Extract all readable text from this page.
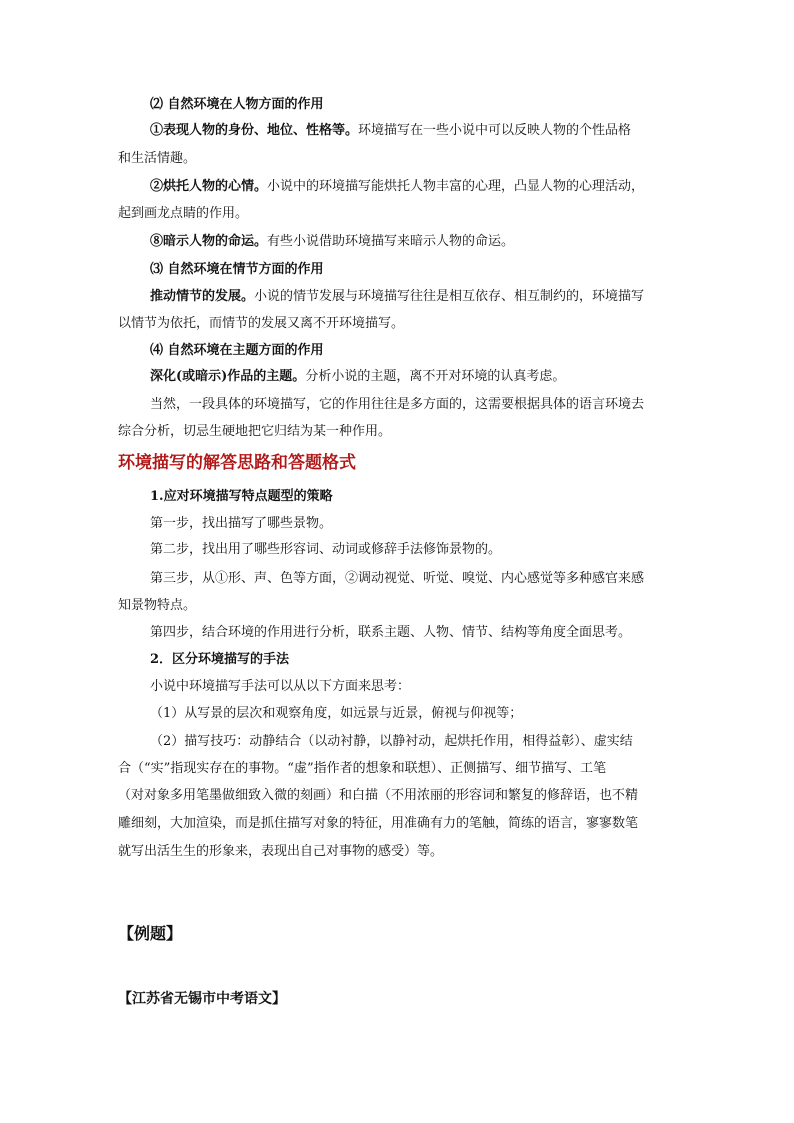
⑵ 自然环境在人物方面的作用
①表现人物的身份、地位、性格等。环境描写在一些小说中可以反映人物的个性品格
和生活情趣。
②烘托人物的心情。小说中的环境描写能烘托人物丰富的心理，凸显人物的心理活动，
起到画龙点睛的作用。
⑧暗示人物的命运。有些小说借助环境描写来暗示人物的命运。
⑶ 自然环境在情节方面的作用
推动情节的发展。小说的情节发展与环境描写往往是相互依存、相互制约的，环境描写
以情节为依托，而情节的发展又离不开环境描写。
⑷ 自然环境在主题方面的作用
深化(或暗示)作品的主题。分析小说的主题，离不开对环境的认真考虑。
当然，一段具体的环境描写，它的作用往往是多方面的，这需要根据具体的语言环境去
综合分析，切忌生硬地把它归结为某一种作用。
环境描写的解答思路和答题格式
1.应对环境描写特点题型的策略
第一步，找出描写了哪些景物。
第二步，找出用了哪些形容词、动词或修辞手法修饰景物的。
第三步，从①形、声、色等方面，②调动视觉、听觉、嗅觉、内心感觉等多种感官来感
知景物特点。
第四步，结合环境的作用进行分析，联系主题、人物、情节、结构等角度全面思考。
2．区分环境描写的手法
小说中环境描写手法可以从以下方面来思考：
（1）从写景的层次和观察角度，如远景与近景，俯视与仰视等；
（2）描写技巧：动静结合（以动衬静，以静衬动，起烘托作用，相得益彰）、虚实结
合（“实”指现实存在的事物。“虚”指作者的想象和联想）、正侧描写、细节描写、工笔
（对对象多用笔墨做细致入微的刻画）和白描（不用浓丽的形容词和繁复的修辞语，也不精
雕细刻，大加渲染，而是抓住描写对象的特征，用准确有力的笔触，简练的语言，寥寥数笔
就写出活生生的形象来，表现出自己对事物的感受）等。
【例题】
【江苏省无锡市中考语文】
